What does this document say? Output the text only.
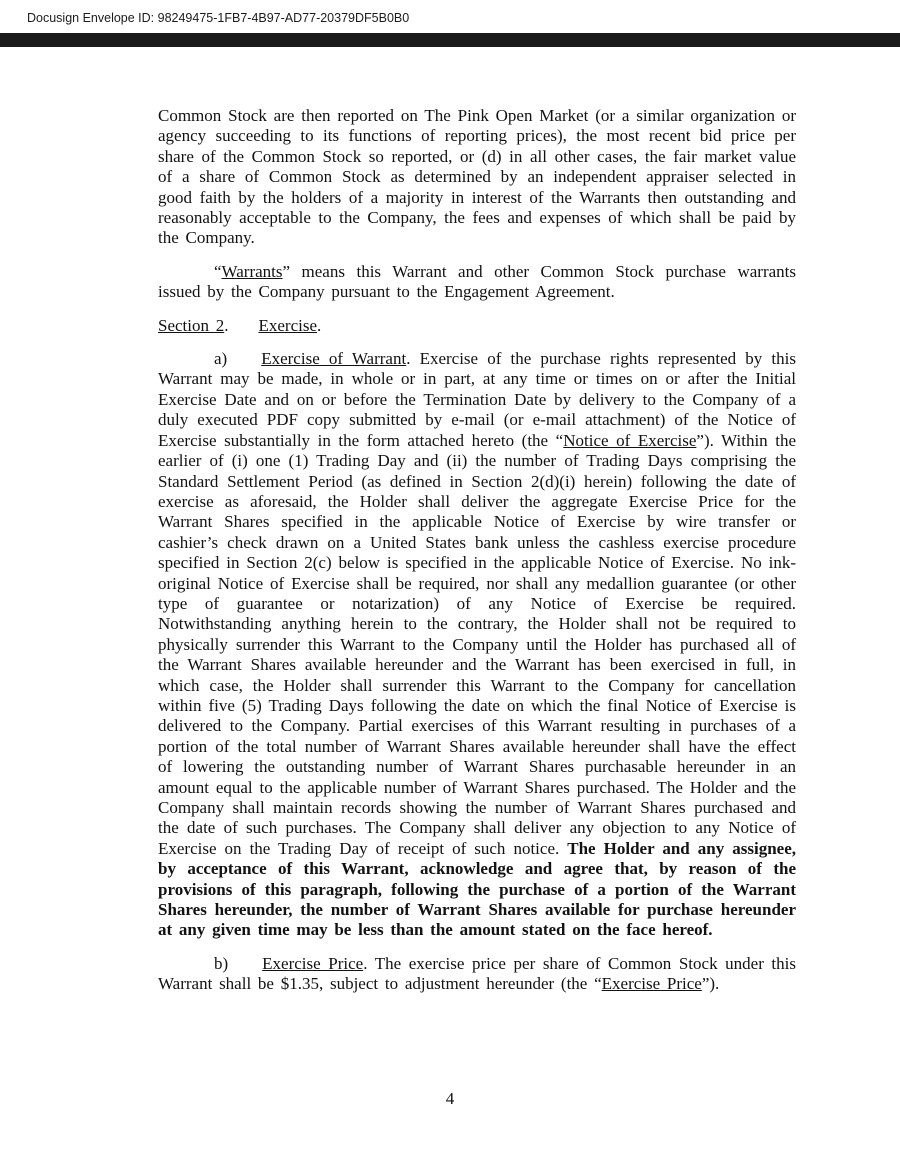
Docusign Envelope ID: 98249475-1FB7-4B97-AD77-20379DF5B0B0

Common Stock are then reported on The Pink Open Market (or a similar organization or agency succeeding to its functions of reporting prices), the most recent bid price per share of the Common Stock so reported, or (d) in all other cases, the fair market value of a share of Common Stock as determined by an independent appraiser selected in good faith by the holders of a majority in interest of the Warrants then outstanding and reasonably acceptable to the Company, the fees and expenses of which shall be paid by the Company.

“Warrants” means this Warrant and other Common Stock purchase warrants issued by the Company pursuant to the Engagement Agreement.

Section 2. Exercise.

a) Exercise of Warrant. Exercise of the purchase rights represented by this Warrant may be made, in whole or in part, at any time or times on or after the Initial Exercise Date and on or before the Termination Date by delivery to the Company of a duly executed PDF copy submitted by e-mail (or e-mail attachment) of the Notice of Exercise substantially in the form attached hereto (the “Notice of Exercise”). Within the earlier of (i) one (1) Trading Day and (ii) the number of Trading Days comprising the Standard Settlement Period (as defined in Section 2(d)(i) herein) following the date of exercise as aforesaid, the Holder shall deliver the aggregate Exercise Price for the Warrant Shares specified in the applicable Notice of Exercise by wire transfer or cashier’s check drawn on a United States bank unless the cashless exercise procedure specified in Section 2(c) below is specified in the applicable Notice of Exercise. No ink-original Notice of Exercise shall be required, nor shall any medallion guarantee (or other type of guarantee or notarization) of any Notice of Exercise be required. Notwithstanding anything herein to the contrary, the Holder shall not be required to physically surrender this Warrant to the Company until the Holder has purchased all of the Warrant Shares available hereunder and the Warrant has been exercised in full, in which case, the Holder shall surrender this Warrant to the Company for cancellation within five (5) Trading Days following the date on which the final Notice of Exercise is delivered to the Company. Partial exercises of this Warrant resulting in purchases of a portion of the total number of Warrant Shares available hereunder shall have the effect of lowering the outstanding number of Warrant Shares purchasable hereunder in an amount equal to the applicable number of Warrant Shares purchased. The Holder and the Company shall maintain records showing the number of Warrant Shares purchased and the date of such purchases. The Company shall deliver any objection to any Notice of Exercise on the Trading Day of receipt of such notice. The Holder and any assignee, by acceptance of this Warrant, acknowledge and agree that, by reason of the provisions of this paragraph, following the purchase of a portion of the Warrant Shares hereunder, the number of Warrant Shares available for purchase hereunder at any given time may be less than the amount stated on the face hereof.

b) Exercise Price. The exercise price per share of Common Stock under this Warrant shall be $1.35, subject to adjustment hereunder (the “Exercise Price”).

4
